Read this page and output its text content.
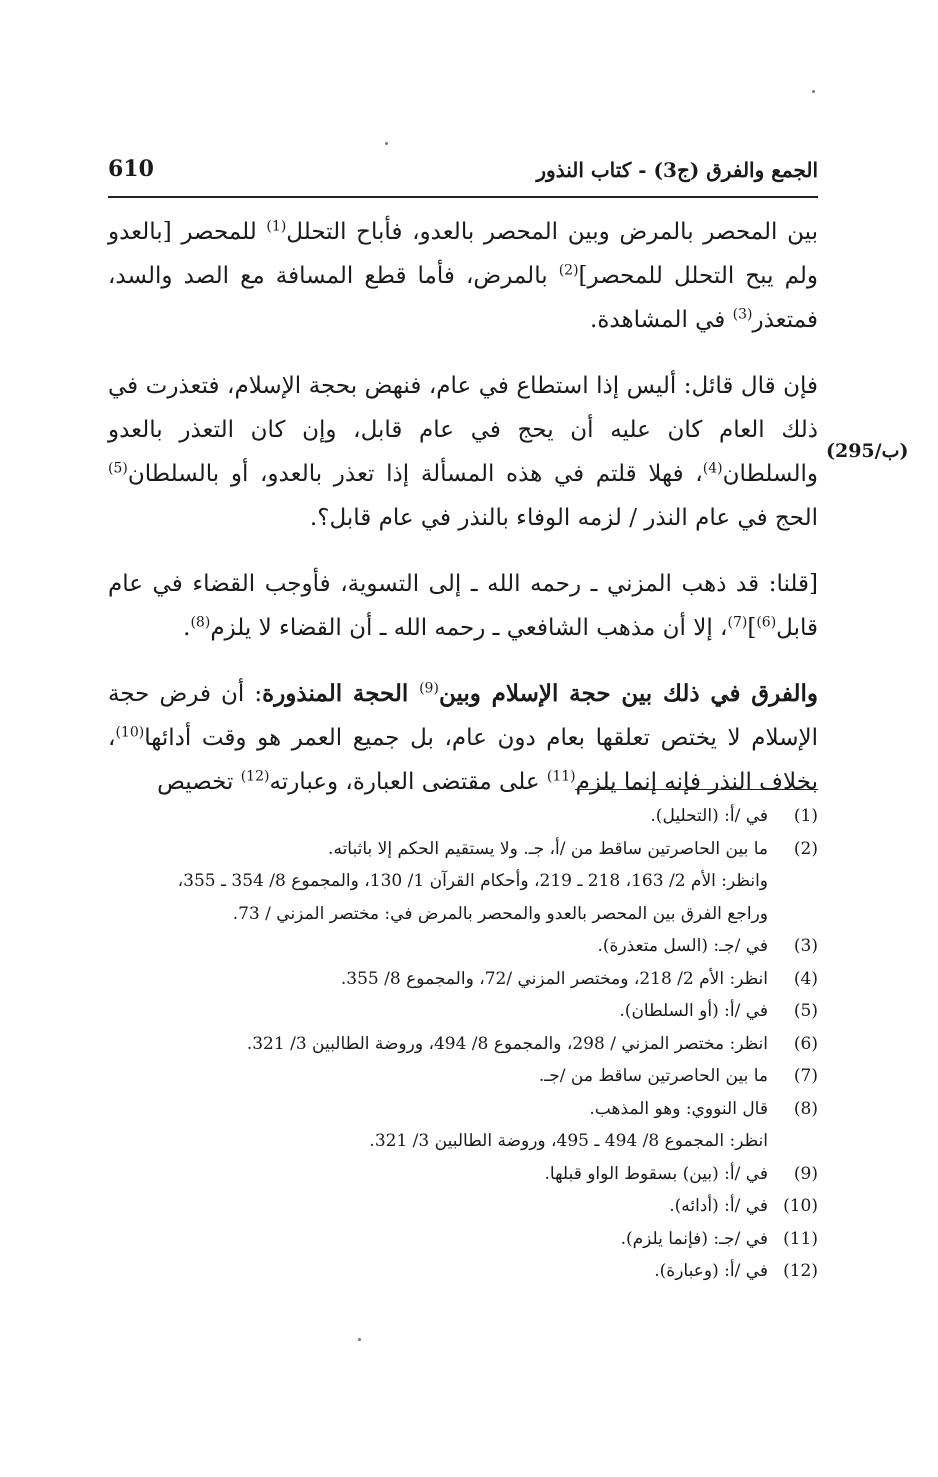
610	الجمع والفرق (ج3) - كتاب النذور
(295/ب)

بين المحصر بالمرض وبين المحصر بالعدو، فأباح التحلل$^{(1)}$ للمحصر [بالعدو ولم يبح التحلل للمحصر]$^{(2)}$ بالمرض، فأما قطع المسافة مع الصد والسد، فمتعذر$^{(3)}$ في المشاهدة.

فإن قال قائل: أليس إذا استطاع في عام، فنهض بحجة الإسلام، فتعذرت في ذلك العام كان عليه أن يحج في عام قابل، وإن كان التعذر بالعدو والسلطان$^{(4)}$، فهلا قلتم في هذه المسألة إذا تعذر بالعدو، أو بالسلطان$^{(5)}$ الحج في عام النذر / لزمه الوفاء بالنذر في عام قابل؟.

[قلنا: قد ذهب المزني ـ رحمه الله ـ إلى التسوية، فأوجب القضاء في عام قابل$^{(6)}$]$^{(7)}$، إلا أن مذهب الشافعي ـ رحمه الله ـ أن القضاء لا يلزم$^{(8)}$.

والفرق في ذلك بين حجة الإسلام وبين$^{(9)}$ الحجة المنذورة: أن فرض حجة الإسلام لا يختص تعلقها بعام دون عام، بل جميع العمر هو وقت أدائها$^{(10)}$، بخلاف النذر فإنه إنما يلزم$^{(11)}$ على مقتضى العبارة، وعبارته$^{(12)}$ تخصيص

(1)
في /أ: (التحليل).
(2)
ما بين الحاصرتين ساقط من /أ، جـ. ولا يستقيم الحكم إلا باثباته.
وانظر: الأم 2/ 163، 218 ـ 219، وأحكام القرآن 1/ 130، والمجموع 8/ 354 ـ 355،
وراجع الفرق بين المحصر بالعدو والمحصر بالمرض في: مختصر المزني / 73.
(3)
في /جـ: (السل متعذرة).
(4)
انظر: الأم 2/ 218، ومختصر المزني /72، والمجموع 8/ 355.
(5)
في /أ: (أو السلطان).
(6)
انظر: مختصر المزني / 298، والمجموع 8/ 494، وروضة الطالبين 3/ 321.
(7)
ما بين الحاصرتين ساقط من /جـ.
(8)
قال النووي: وهو المذهب.
انظر: المجموع 8/ 494 ـ 495، وروضة الطالبين 3/ 321.
(9)
في /أ: (بين) بسقوط الواو قبلها.
(10)
في /أ: (أدائه).
(11)
في /جـ: (فإنما يلزم).
(12)
في /أ: (وعبارة).
